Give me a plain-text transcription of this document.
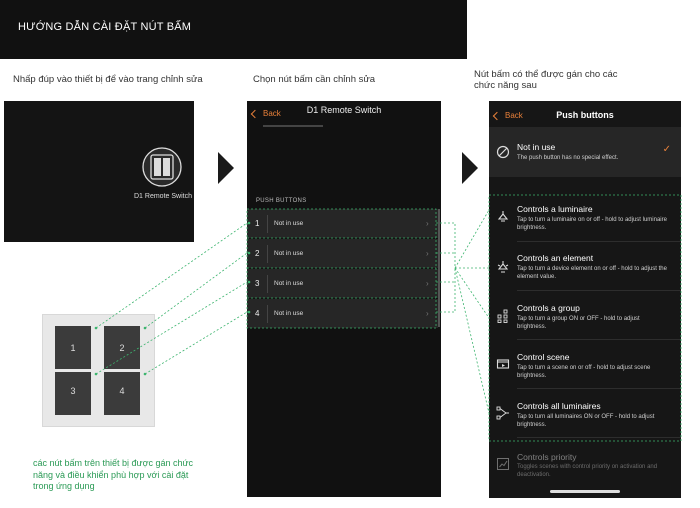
HƯỚNG DẪN CÀI ĐẶT NÚT BẤM
Nhấp đúp vào thiết bị để vào trang chỉnh sửa	Chọn nút bấm cần chỉnh sửa	Nút bấm có thể được gán cho các
chức năng sau
D1 Remote Switch
Back	D1 Remote Switch
PUSH BUTTONS
1	Not in use	›
2	Not in use	›
3	Not in use	›
4	Not in use	›
Back	Push buttons
Not in use
The push button has no special effect.
✓
Controls a luminaire
Tap to turn a luminaire on or off - hold to adjust luminaire brightness.
Controls an element
Tap to turn a device element on or off - hold to adjust the element value.
Controls a group
Tap to turn a group ON or OFF - hold to adjust brightness.
Control scene
Tap to turn a scene on or off - hold to adjust scene brightness.
Controls all luminaires
Tap to turn all luminaires ON or OFF - hold to adjust brightness.
Controls priority
Toggles scenes with control priority on activation and deactivation.
1	2
3	4
các nút bấm trên thiết bị được gán chức năng và điều khiển phù hợp với cài đặt trong ứng dụng
